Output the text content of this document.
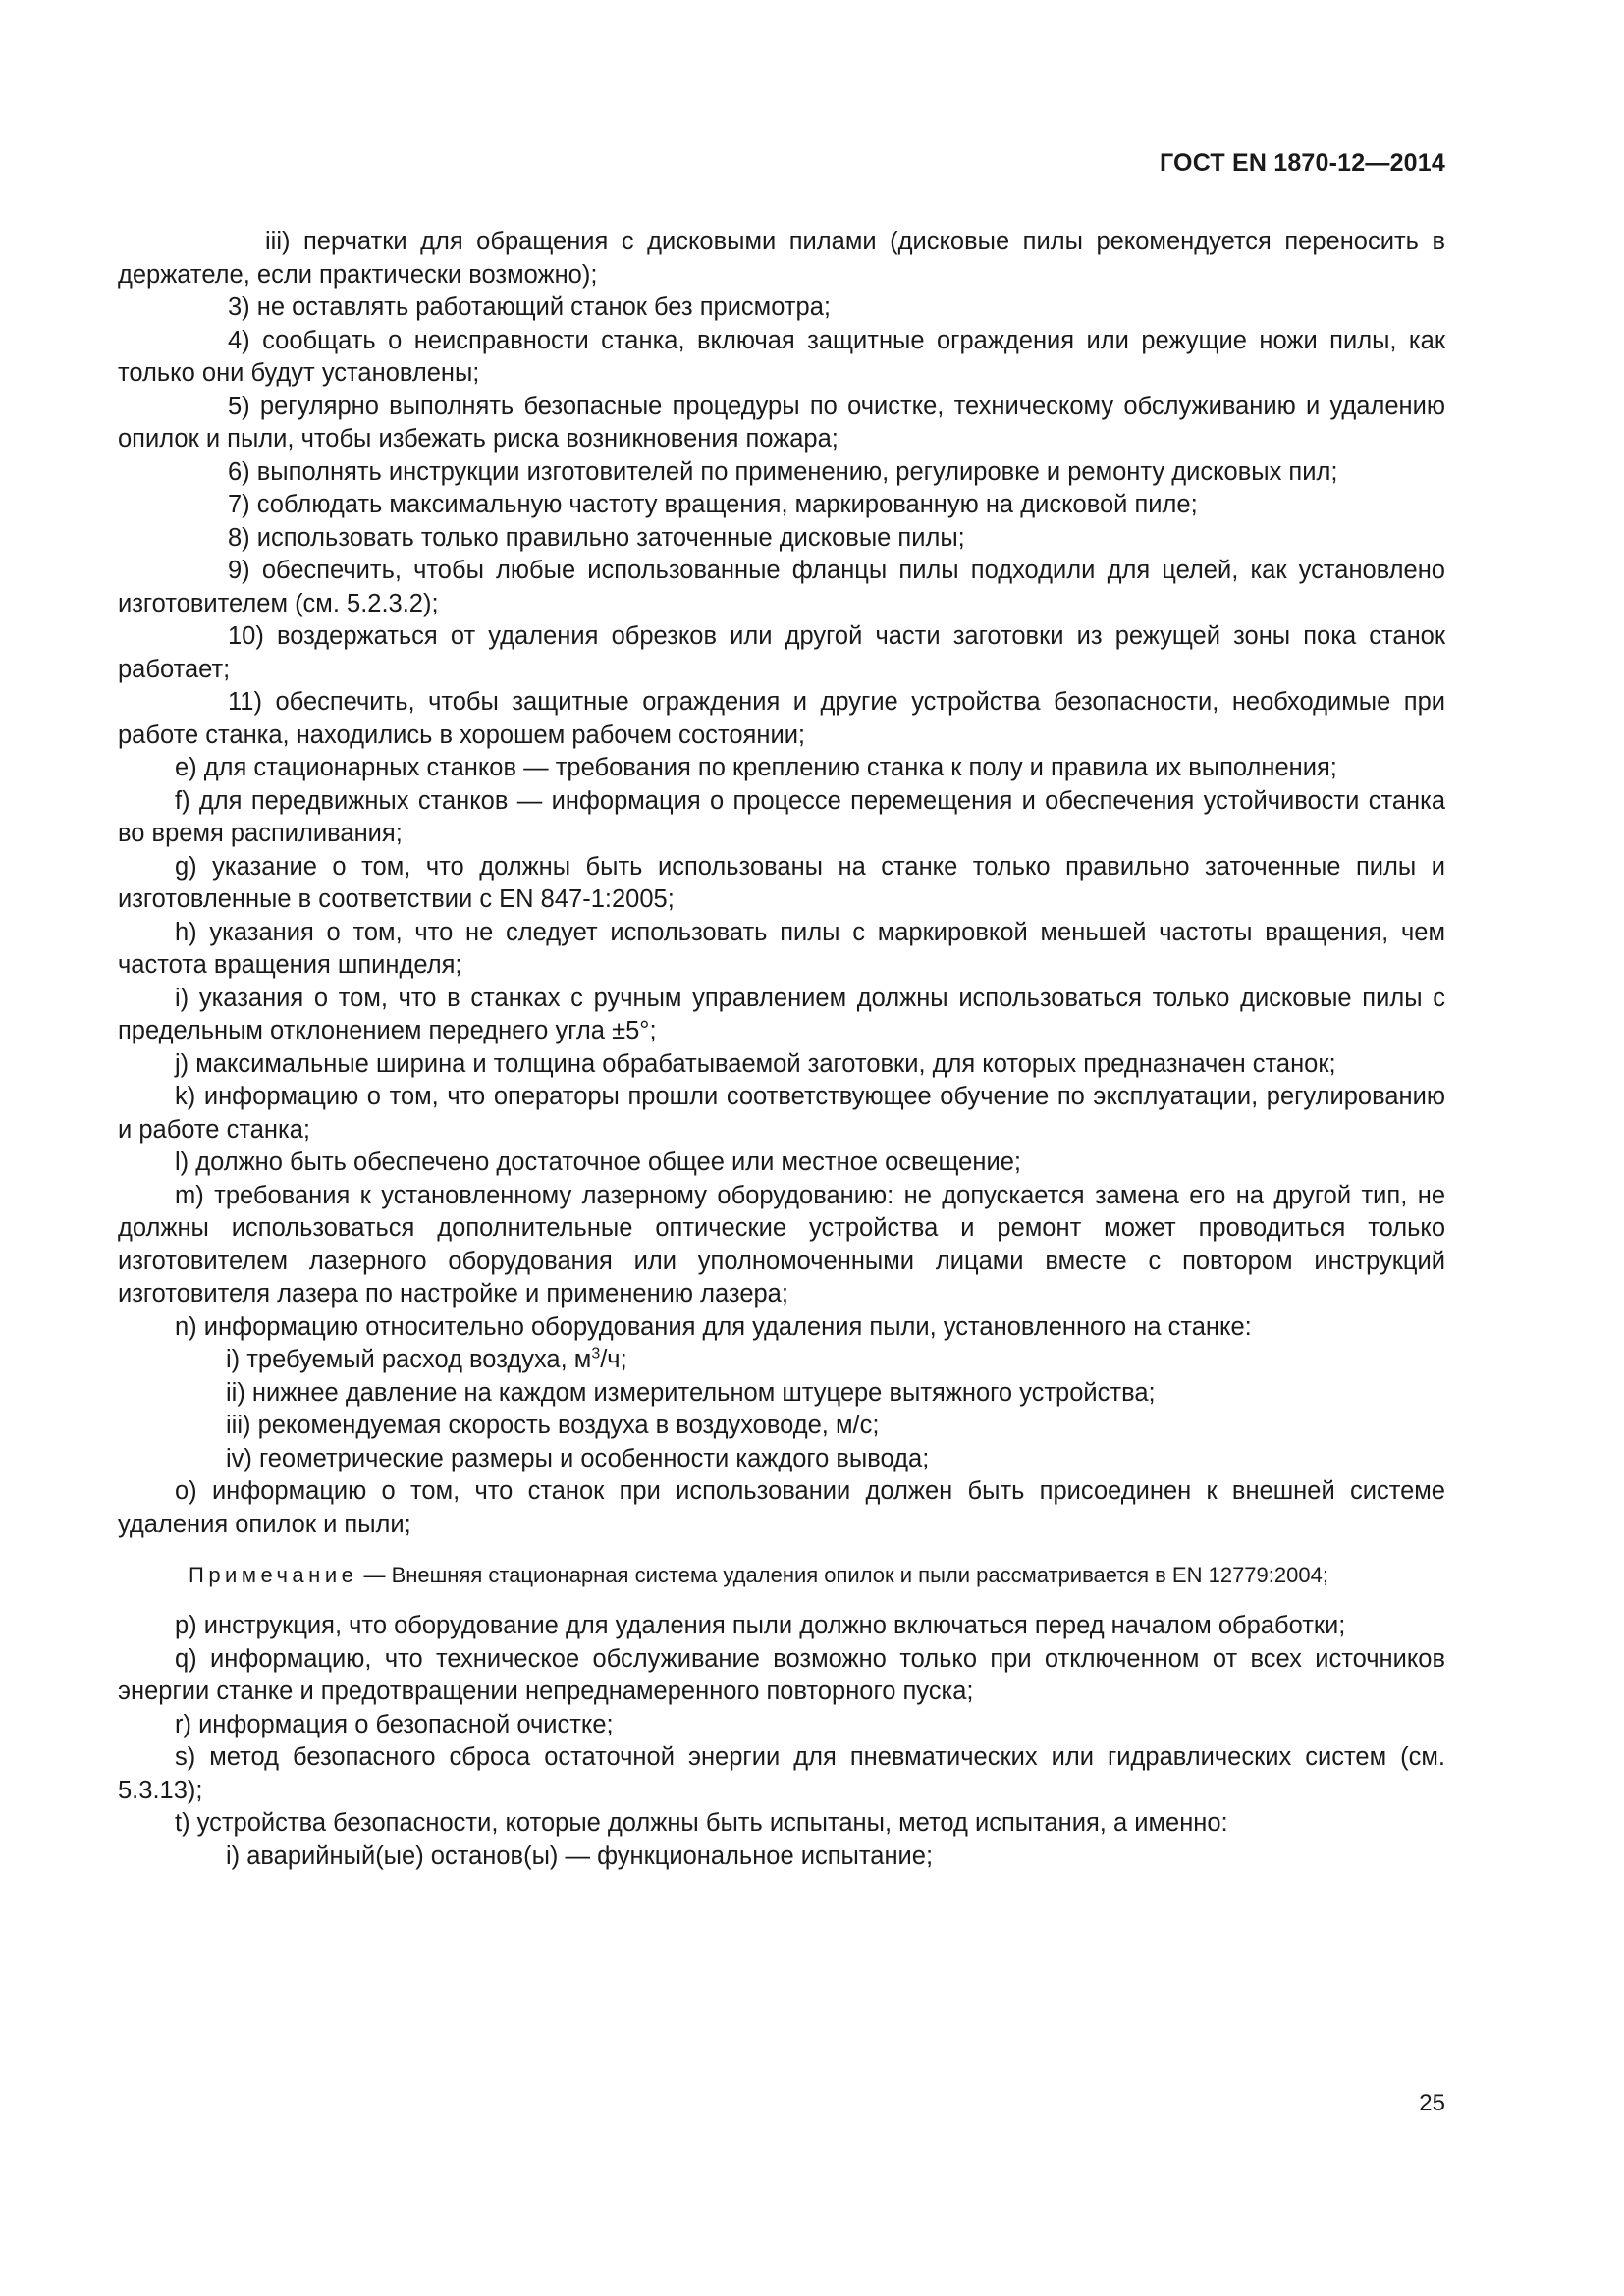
ГОСТ EN 1870-12—2014

iii) перчатки для обращения с дисковыми пилами (дисковые пилы рекомендуется переносить в держателе, если практически возможно);

3) не оставлять работающий станок без присмотра;

4) сообщать о неисправности станка, включая защитные ограждения или режущие ножи пилы, как только они будут установлены;

5) регулярно выполнять безопасные процедуры по очистке, техническому обслуживанию и удалению опилок и пыли, чтобы избежать риска возникновения пожара;

6) выполнять инструкции изготовителей по применению, регулировке и ремонту дисковых пил;

7) соблюдать максимальную частоту вращения, маркированную на дисковой пиле;

8) использовать только правильно заточенные дисковые пилы;

9) обеспечить, чтобы любые использованные фланцы пилы подходили для целей, как установлено изготовителем (см. 5.2.3.2);

10) воздержаться от удаления обрезков или другой части заготовки из режущей зоны пока станок работает;

11) обеспечить, чтобы защитные ограждения и другие устройства безопасности, необходимые при работе станка, находились в хорошем рабочем состоянии;

e) для стационарных станков — требования по креплению станка к полу и правила их выполнения;

f) для передвижных станков — информация о процессе перемещения и обеспечения устойчивости станка во время распиливания;

g) указание о том, что должны быть использованы на станке только правильно заточенные пилы и изготовленные в соответствии с EN 847-1:2005;

h) указания о том, что не следует использовать пилы с маркировкой меньшей частоты вращения, чем частота вращения шпинделя;

i) указания о том, что в станках с ручным управлением должны использоваться только дисковые пилы с предельным отклонением переднего угла ±5°;

j) максимальные ширина и толщина обрабатываемой заготовки, для которых предназначен станок;

k) информацию о том, что операторы прошли соответствующее обучение по эксплуатации, регулированию и работе станка;

l) должно быть обеспечено достаточное общее или местное освещение;

m) требования к установленному лазерному оборудованию: не допускается замена его на другой тип, не должны использоваться дополнительные оптические устройства и ремонт может проводиться только изготовителем лазерного оборудования или уполномоченными лицами вместе с повтором инструкций изготовителя лазера по настройке и применению лазера;

n) информацию относительно оборудования для удаления пыли, установленного на станке:

i) требуемый расход воздуха, $м^3/ч$;

ii) нижнее давление на каждом измерительном штуцере вытяжного устройства;

iii) рекомендуемая скорость воздуха в воздуховоде, м/с;

iv) геометрические размеры и особенности каждого вывода;

o) информацию о том, что станок при использовании должен быть присоединен к внешней системе удаления опилок и пыли;

Примечание — Внешняя стационарная система удаления опилок и пыли рассматривается в EN 12779:2004;

p) инструкция, что оборудование для удаления пыли должно включаться перед началом обработки;

q) информацию, что техническое обслуживание возможно только при отключенном от всех источников энергии станке и предотвращении непреднамеренного повторного пуска;

r) информация о безопасной очистке;

s) метод безопасного сброса остаточной энергии для пневматических или гидравлических систем (см. 5.3.13);

t) устройства безопасности, которые должны быть испытаны, метод испытания, а именно:

i) аварийный(ые) останов(ы) — функциональное испытание;

25
